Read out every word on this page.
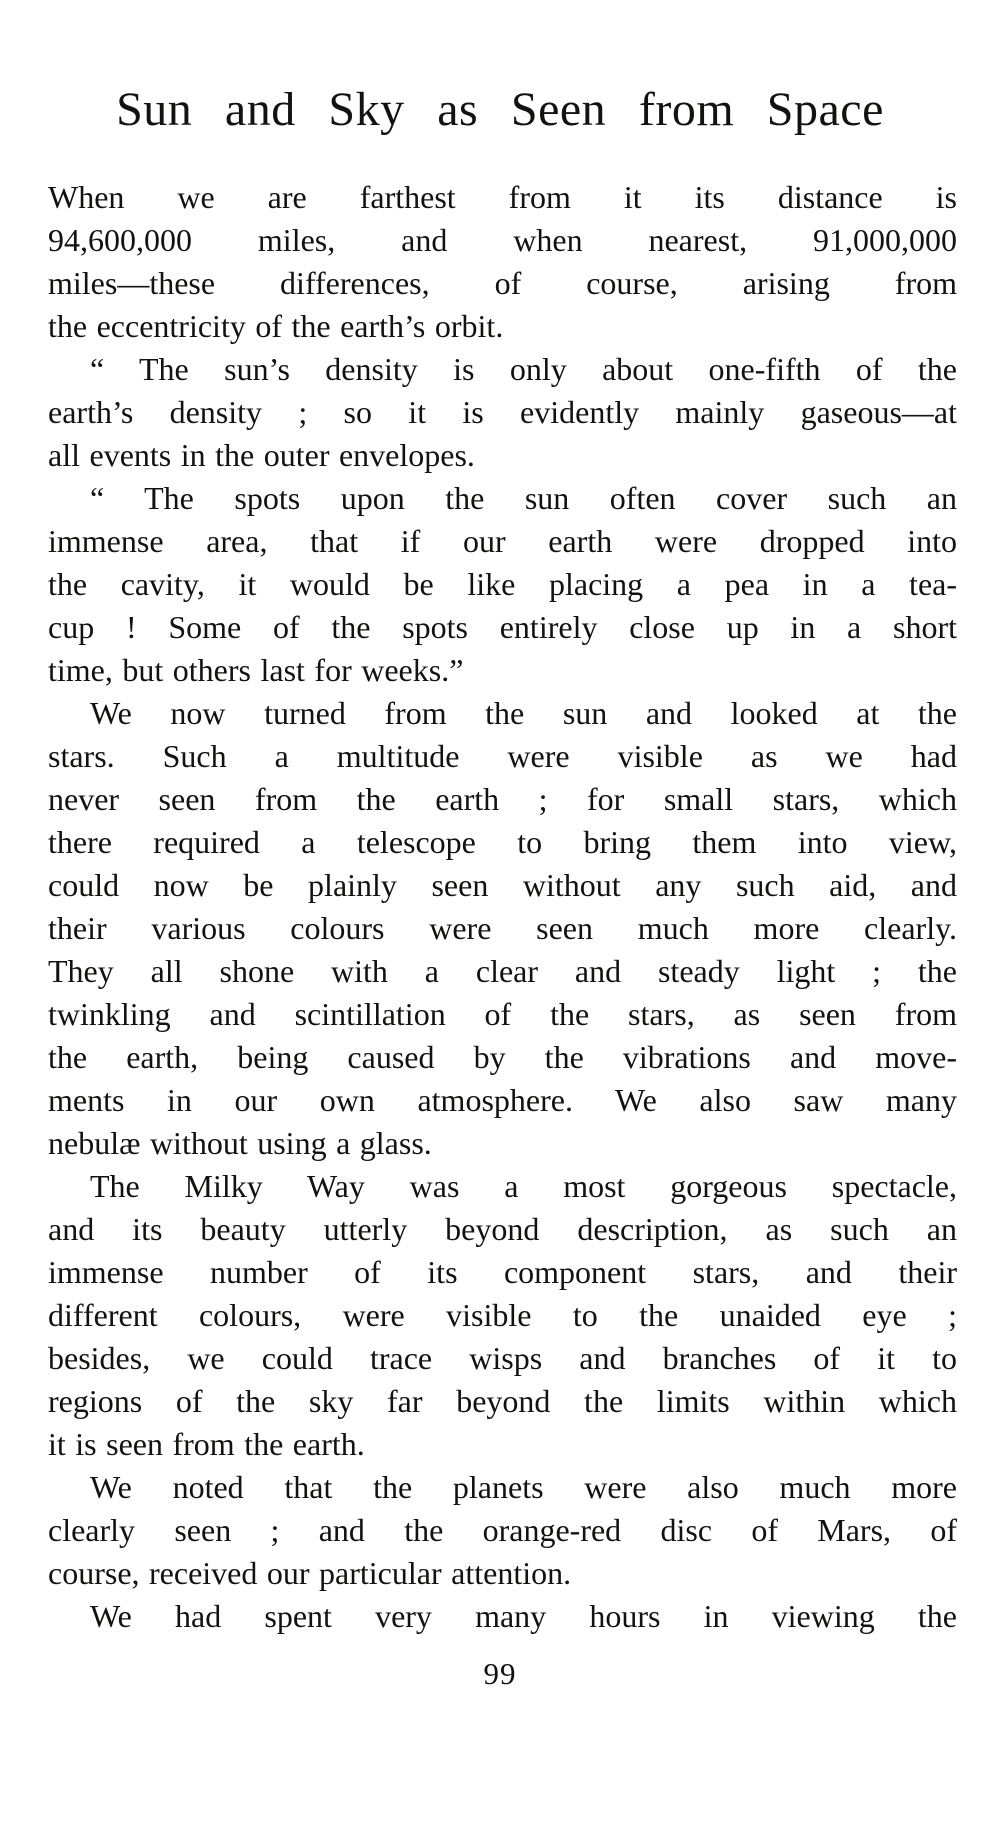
Sun and Sky as Seen from Space
When we are farthest from it its distance is
94,600,000 miles, and when nearest, 91,000,000
miles—these differences, of course, arising from
the eccentricity of the earth’s orbit.
“ The sun’s density is only about one-fifth of the
earth’s density ; so it is evidently mainly gaseous—at
all events in the outer envelopes.
“ The spots upon the sun often cover such an
immense area, that if our earth were dropped into
the cavity, it would be like placing a pea in a tea-
cup ! Some of the spots entirely close up in a short
time, but others last for weeks.”
We now turned from the sun and looked at the
stars. Such a multitude were visible as we had
never seen from the earth ; for small stars, which
there required a telescope to bring them into view,
could now be plainly seen without any such aid, and
their various colours were seen much more clearly.
They all shone with a clear and steady light ; the
twinkling and scintillation of the stars, as seen from
the earth, being caused by the vibrations and move-
ments in our own atmosphere. We also saw many
nebulæ without using a glass.
The Milky Way was a most gorgeous spectacle,
and its beauty utterly beyond description, as such an
immense number of its component stars, and their
different colours, were visible to the unaided eye ;
besides, we could trace wisps and branches of it to
regions of the sky far beyond the limits within which
it is seen from the earth.
We noted that the planets were also much more
clearly seen ; and the orange-red disc of Mars, of
course, received our particular attention.
We had spent very many hours in viewing the
99
